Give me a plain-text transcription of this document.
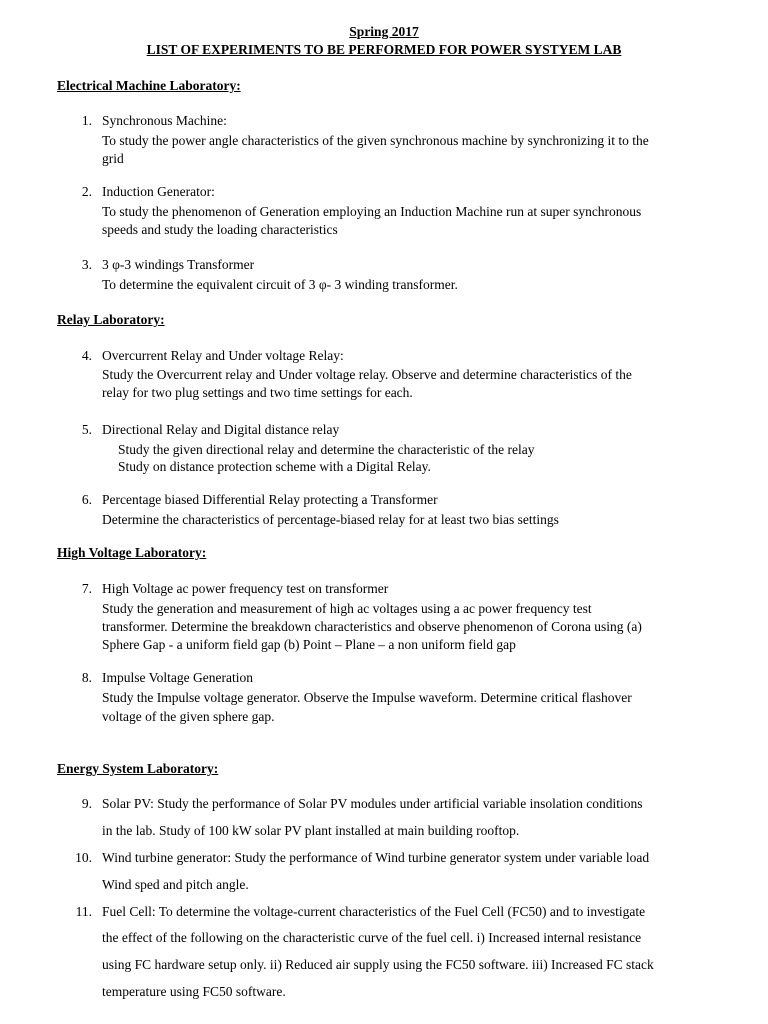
Spring 2017
LIST OF EXPERIMENTS TO BE PERFORMED FOR POWER SYSTYEM LAB
Electrical Machine Laboratory:
1. Synchronous Machine:
To study the power angle characteristics of the given synchronous machine by synchronizing it to the
grid
2. Induction Generator:
To study the phenomenon of Generation employing an Induction Machine run at super synchronous
speeds and study the loading characteristics
3. 3 φ-3 windings Transformer
To determine the equivalent circuit of 3 φ- 3 winding transformer.
Relay Laboratory:
4. Overcurrent Relay and Under voltage Relay:
Study the Overcurrent relay and Under voltage relay. Observe and determine characteristics of the
relay for two plug settings and two time settings for each.
5. Directional Relay and Digital distance relay
Study the given directional relay and determine the characteristic of the relay
Study on distance protection scheme with a Digital Relay.
6. Percentage biased Differential Relay protecting a Transformer
Determine the characteristics of percentage-biased relay for at least two bias settings
High Voltage Laboratory:
7. High Voltage ac power frequency test on transformer
Study the generation and measurement of high ac voltages using a ac power frequency test
transformer. Determine the breakdown characteristics and observe phenomenon of Corona using (a)
Sphere Gap - a uniform field gap (b) Point – Plane – a non uniform field gap
8. Impulse Voltage Generation
Study the Impulse voltage generator. Observe the Impulse waveform. Determine critical flashover
voltage of the given sphere gap.
Energy System Laboratory:
9. Solar PV: Study the performance of Solar PV modules under artificial variable insolation conditions
in the lab. Study of 100 kW solar PV plant installed at main building rooftop.
10. Wind turbine generator: Study the performance of Wind turbine generator system under variable load
Wind sped and pitch angle.
11. Fuel Cell: To determine the voltage-current characteristics of the Fuel Cell (FC50) and to investigate
the effect of the following on the characteristic curve of the fuel cell. i) Increased internal resistance
using FC hardware setup only. ii) Reduced air supply using the FC50 software. iii) Increased FC stack
temperature using FC50 software.
